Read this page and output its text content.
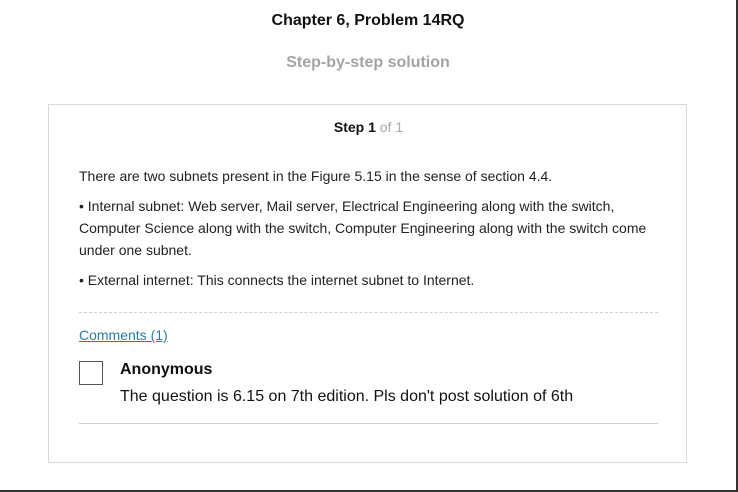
Chapter 6, Problem 14RQ
Step-by-step solution
Step 1 of 1

There are two subnets present in the Figure 5.15 in the sense of section 4.4.

• Internal subnet: Web server, Mail server, Electrical Engineering along with the switch, Computer Science along with the switch, Computer Engineering along with the switch come under one subnet.

• External internet: This connects the internet subnet to Internet.

Comments (1)
Anonymous
The question is 6.15 on 7th edition. Pls don't post solution of 6th
